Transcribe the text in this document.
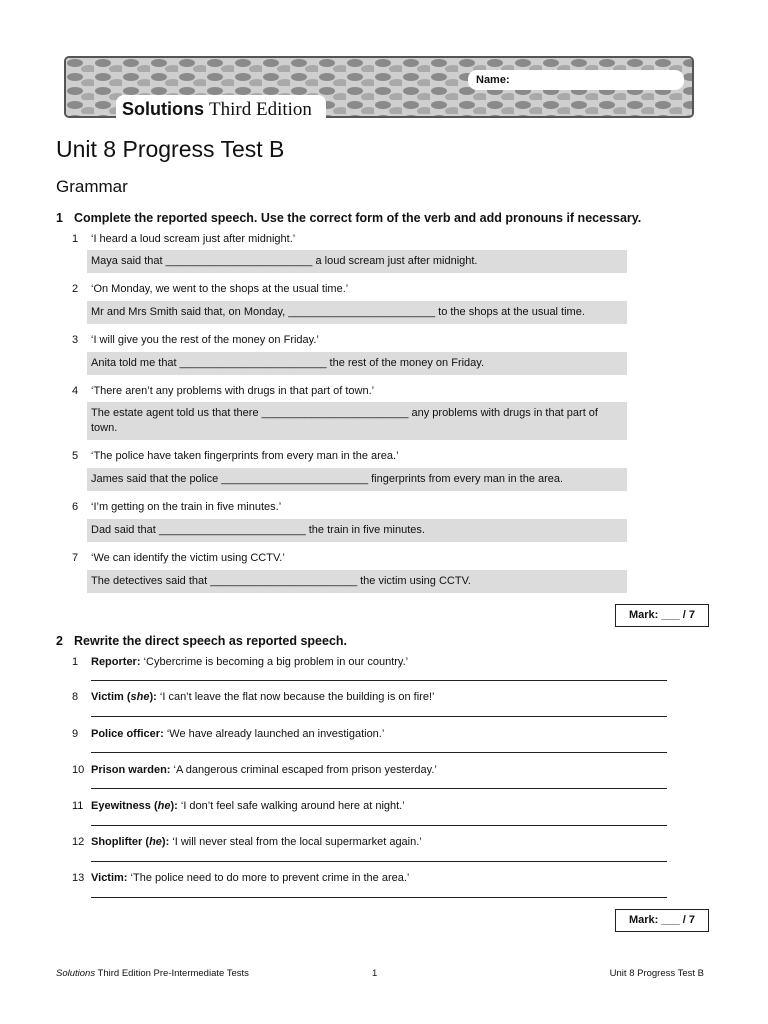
Name:
Solutions Third Edition
Unit 8 Progress Test B
Grammar
1 Complete the reported speech. Use the correct form of the verb and add pronouns if necessary.
1	‘I heard a loud scream just after midnight.’
Maya said that ________________________ a loud scream just after midnight.
2	‘On Monday, we went to the shops at the usual time.’
Mr and Mrs Smith said that, on Monday, ________________________ to the shops at the usual time.
3	‘I will give you the rest of the money on Friday.’
Anita told me that ________________________ the rest of the money on Friday.
4	‘There aren’t any problems with drugs in that part of town.’
The estate agent told us that there ________________________ any problems with drugs in that part of town.
5	‘The police have taken fingerprints from every man in the area.’
James said that the police ________________________ fingerprints from every man in the area.
6	‘I’m getting on the train in five minutes.’
Dad said that ________________________ the train in five minutes.
7	‘We can identify the victim using CCTV.’
The detectives said that ________________________ the victim using CCTV.
Mark: ___ / 7
2 Rewrite the direct speech as reported speech.
1	Reporter: ‘Cybercrime is becoming a big problem in our country.’
8	Victim (she): ‘I can’t leave the flat now because the building is on fire!’
9	Police officer: ‘We have already launched an investigation.’
10 Prison warden: ‘A dangerous criminal escaped from prison yesterday.’
11 Eyewitness (he): ‘I don’t feel safe walking around here at night.’
12 Shoplifter (he): ‘I will never steal from the local supermarket again.’
13 Victim: ‘The police need to do more to prevent crime in the area.’
Mark: ___ / 7
Solutions Third Edition Pre-Intermediate Tests	1	Unit 8 Progress Test B
